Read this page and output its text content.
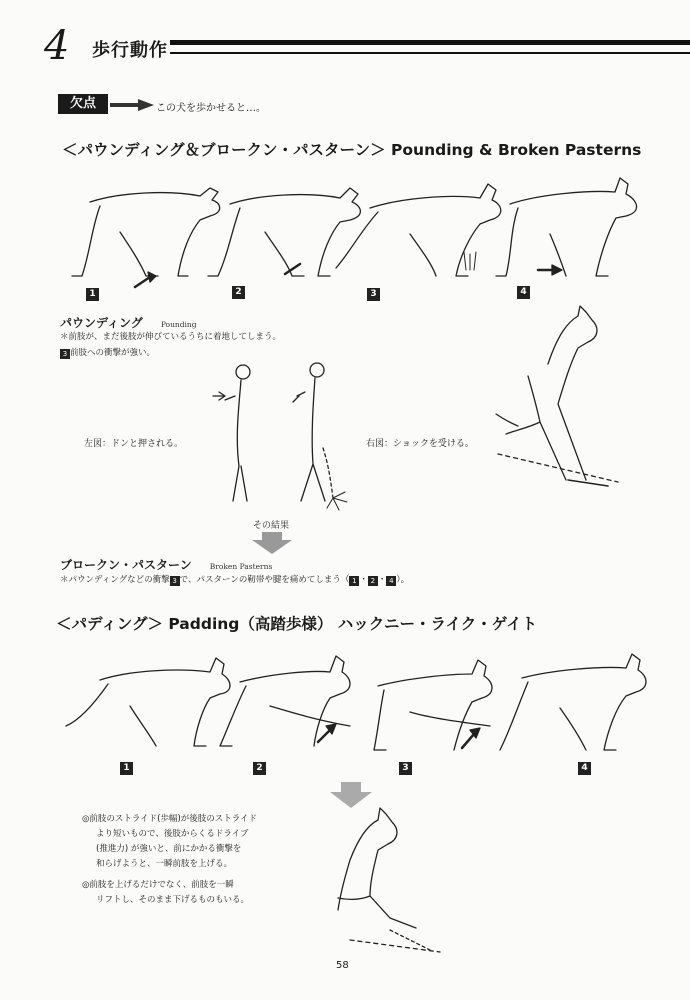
4 歩行動作
欠点	この犬を歩かせると…。
＜パウンディング＆ブロークン・パスターン＞ Pounding & Broken Pasterns
1	2	3	4
パウンディング Pounding
＊前肢が、まだ後肢が伸びているうちに着地してしまう。
3 前肢への衝撃が強い。
左図：ドンと押される。	右図：ショックを受ける。
その結果
ブロークン・パスターン Broken Pasterns
＊パウンディングなどの衝撃 3 で、パスターンの靭帯や腱を痛めてしまう（ 1 ・ 2 ・ 4 ）。
＜パディング＞ Padding（高踏歩様） ハックニー・ライク・ゲイト
1	2	3	4
◎前肢のストライド(歩幅)が後肢のストライド
より短いもので、後肢からくるドライブ
(推進力) が強いと、前にかかる衝撃を
和らげようと、一瞬前肢を上げる。
◎前肢を上げるだけでなく、前肢を一瞬
リフトし、そのまま下げるものもいる。
58
